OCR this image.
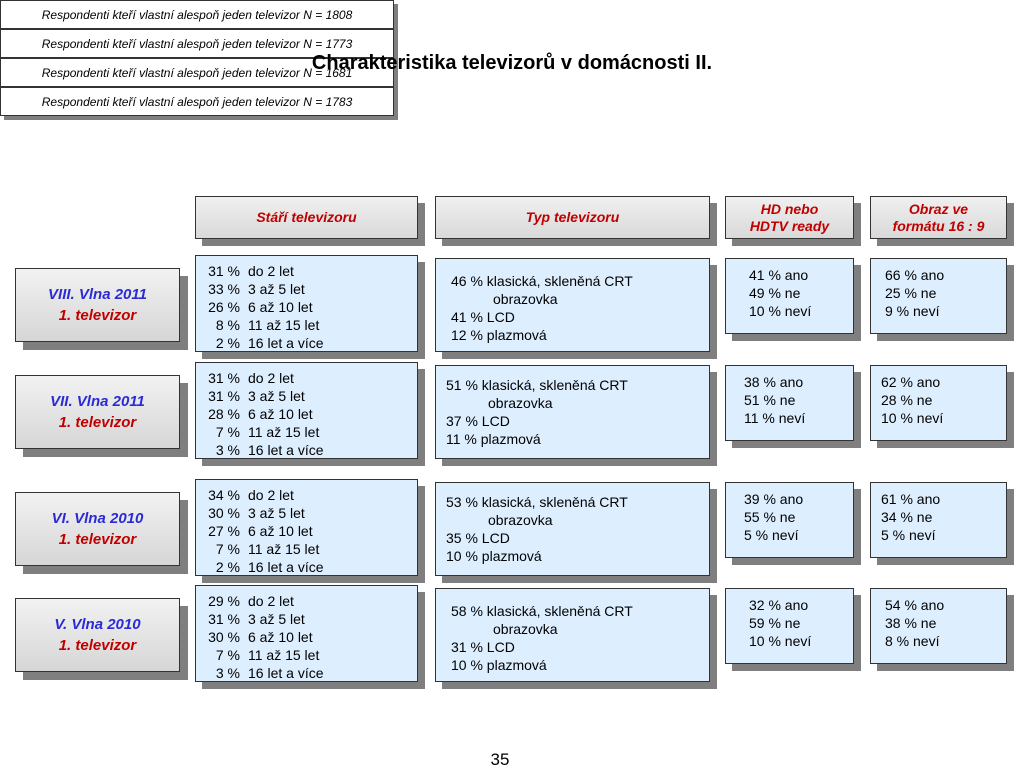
Charakteristika televizorů v domácnosti II.
Stáří televizoru	Typ televizoru
HD nebo
HDTV ready
Obraz ve
formátu 16 : 9
VIII. Vlna 2011
1. televizor
31 % do 2 let
33 % 3 až 5 let
26 % 6 až 10 let
8 % 11 až 15 let
2 % 16 let a více
46 % klasická, skleněná CRT
obrazovka
41 % LCD
12 % plazmová
41 % ano
49 % ne
10 % neví
66 % ano
25 % ne
9 % neví
Respondenti kteří vlastní alespoň jeden televizor N = 1808
VII. Vlna 2011
1. televizor
31 % do 2 let
31 % 3 až 5 let
28 % 6 až 10 let
7 % 11 až 15 let
3 % 16 let a více
51 % klasická, skleněná CRT
obrazovka
37 % LCD
11 % plazmová
38 % ano
51 % ne
11 % neví
62 % ano
28 % ne
10 % neví
Respondenti kteří vlastní alespoň jeden televizor N = 1773
VI. Vlna 2010
1. televizor
34 % do 2 let
30 % 3 až 5 let
27 % 6 až 10 let
7 % 11 až 15 let
2 % 16 let a více
53 % klasická, skleněná CRT
obrazovka
35 % LCD
10 % plazmová
39 % ano
55 % ne
5 % neví
61 % ano
34 % ne
5 % neví
Respondenti kteří vlastní alespoň jeden televizor N = 1681
V. Vlna 2010
1. televizor
29 % do 2 let
31 % 3 až 5 let
30 % 6 až 10 let
7 % 11 až 15 let
3 % 16 let a více
58 % klasická, skleněná CRT
obrazovka
31 % LCD
10 % plazmová
32 % ano
59 % ne
10 % neví
54 % ano
38 % ne
8 % neví
Respondenti kteří vlastní alespoň jeden televizor N = 1783
35
